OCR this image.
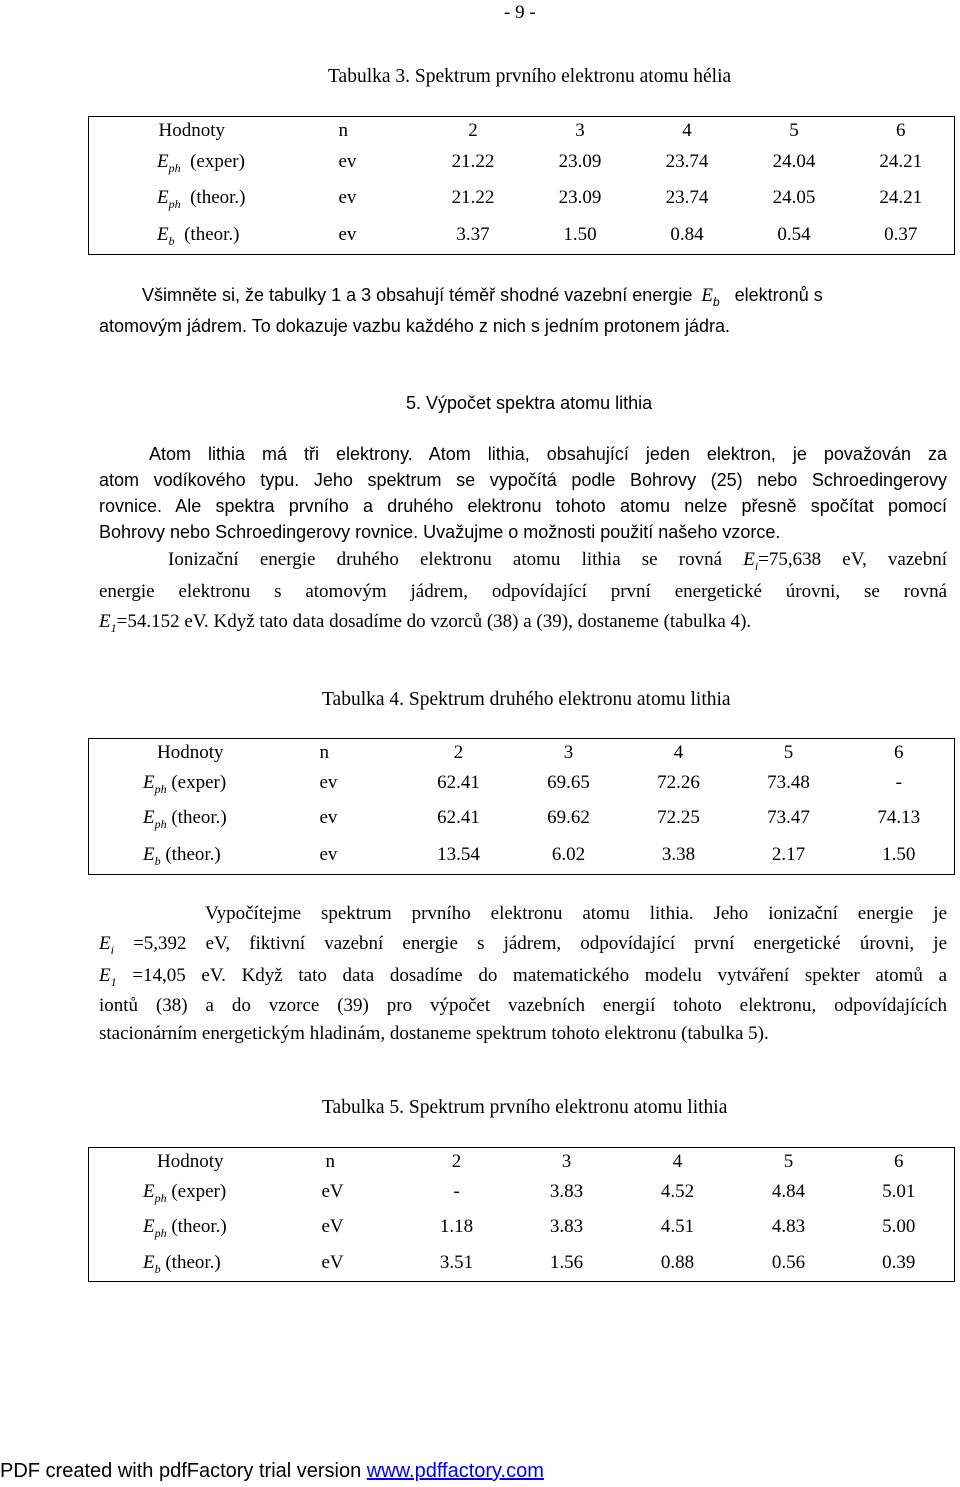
- 9 -
Tabulka 3. Spektrum prvního elektronu atomu hélia
Hodnoty	n	2	3	4	5	6
$E_{ph}$ (exper)	ev	21.22	23.09	23.74	24.04	24.21
$E_{ph}$ (theor.)	ev	21.22	23.09	23.74	24.05	24.21
$E_b$ (theor.)	ev	3.37	1.50	0.84	0.54	0.37
Všimněte si, že tabulky 1 a 3 obsahují téměř shodné vazební energie $E_b$ elektronů s
atomovým jádrem. To dokazuje vazbu každého z nich s jedním protonem jádra.
5. Výpočet spektra atomu lithia

Atom lithia má tři elektrony. Atom lithia, obsahující jeden elektron, je považován za

atom vodíkového typu. Jeho spektrum se vypočítá podle Bohrovy (25) nebo Schroedingerovy

rovnice. Ale spektra prvního a druhého elektronu tohoto atomu nelze přesně spočítat pomocí

Bohrovy nebo Schroedingerovy rovnice. Uvažujme o možnosti použití našeho vzorce.

Ionizační energie druhého elektronu atomu lithia se rovná $E_i=75,638$ eV, vazební

energie elektronu s atomovým jádrem, odpovídající první energetické úrovni, se rovná

$E_1=54.152$ eV. Když tato data dosadíme do vzorců (38) a (39), dostaneme (tabulka 4).

Tabulka 4. Spektrum druhého elektronu atomu lithia
Hodnoty	n	2	3	4	5	6
$E_{ph}$ (exper)	ev	62.41	69.65	72.26	73.48	-
$E_{ph}$ (theor.)	ev	62.41	69.62	72.25	73.47	74.13
$E_b$ (theor.)	ev	13.54	6.02	3.38	2.17	1.50

Vypočítejme spektrum prvního elektronu atomu lithia. Jeho ionizační energie je

$E_i =5,392$ eV, fiktivní vazební energie s jádrem, odpovídající první energetické úrovni, je

$E_1 =14,05$ eV. Když tato data dosadíme do matematického modelu vytváření spekter atomů a

iontů (38) a do vzorce (39) pro výpočet vazebních energií tohoto elektronu, odpovídajících

stacionárním energetickým hladinám, dostaneme spektrum tohoto elektronu (tabulka 5).

Tabulka 5. Spektrum prvního elektronu atomu lithia
Hodnoty	n	2	3	4	5	6
$E_{ph}$ (exper)	eV	-	3.83	4.52	4.84	5.01
$E_{ph}$ (theor.)	eV	1.18	3.83	4.51	4.83	5.00
$E_b$ (theor.)	eV	3.51	1.56	0.88	0.56	0.39
PDF created with pdfFactory trial version www.pdffactory.com
